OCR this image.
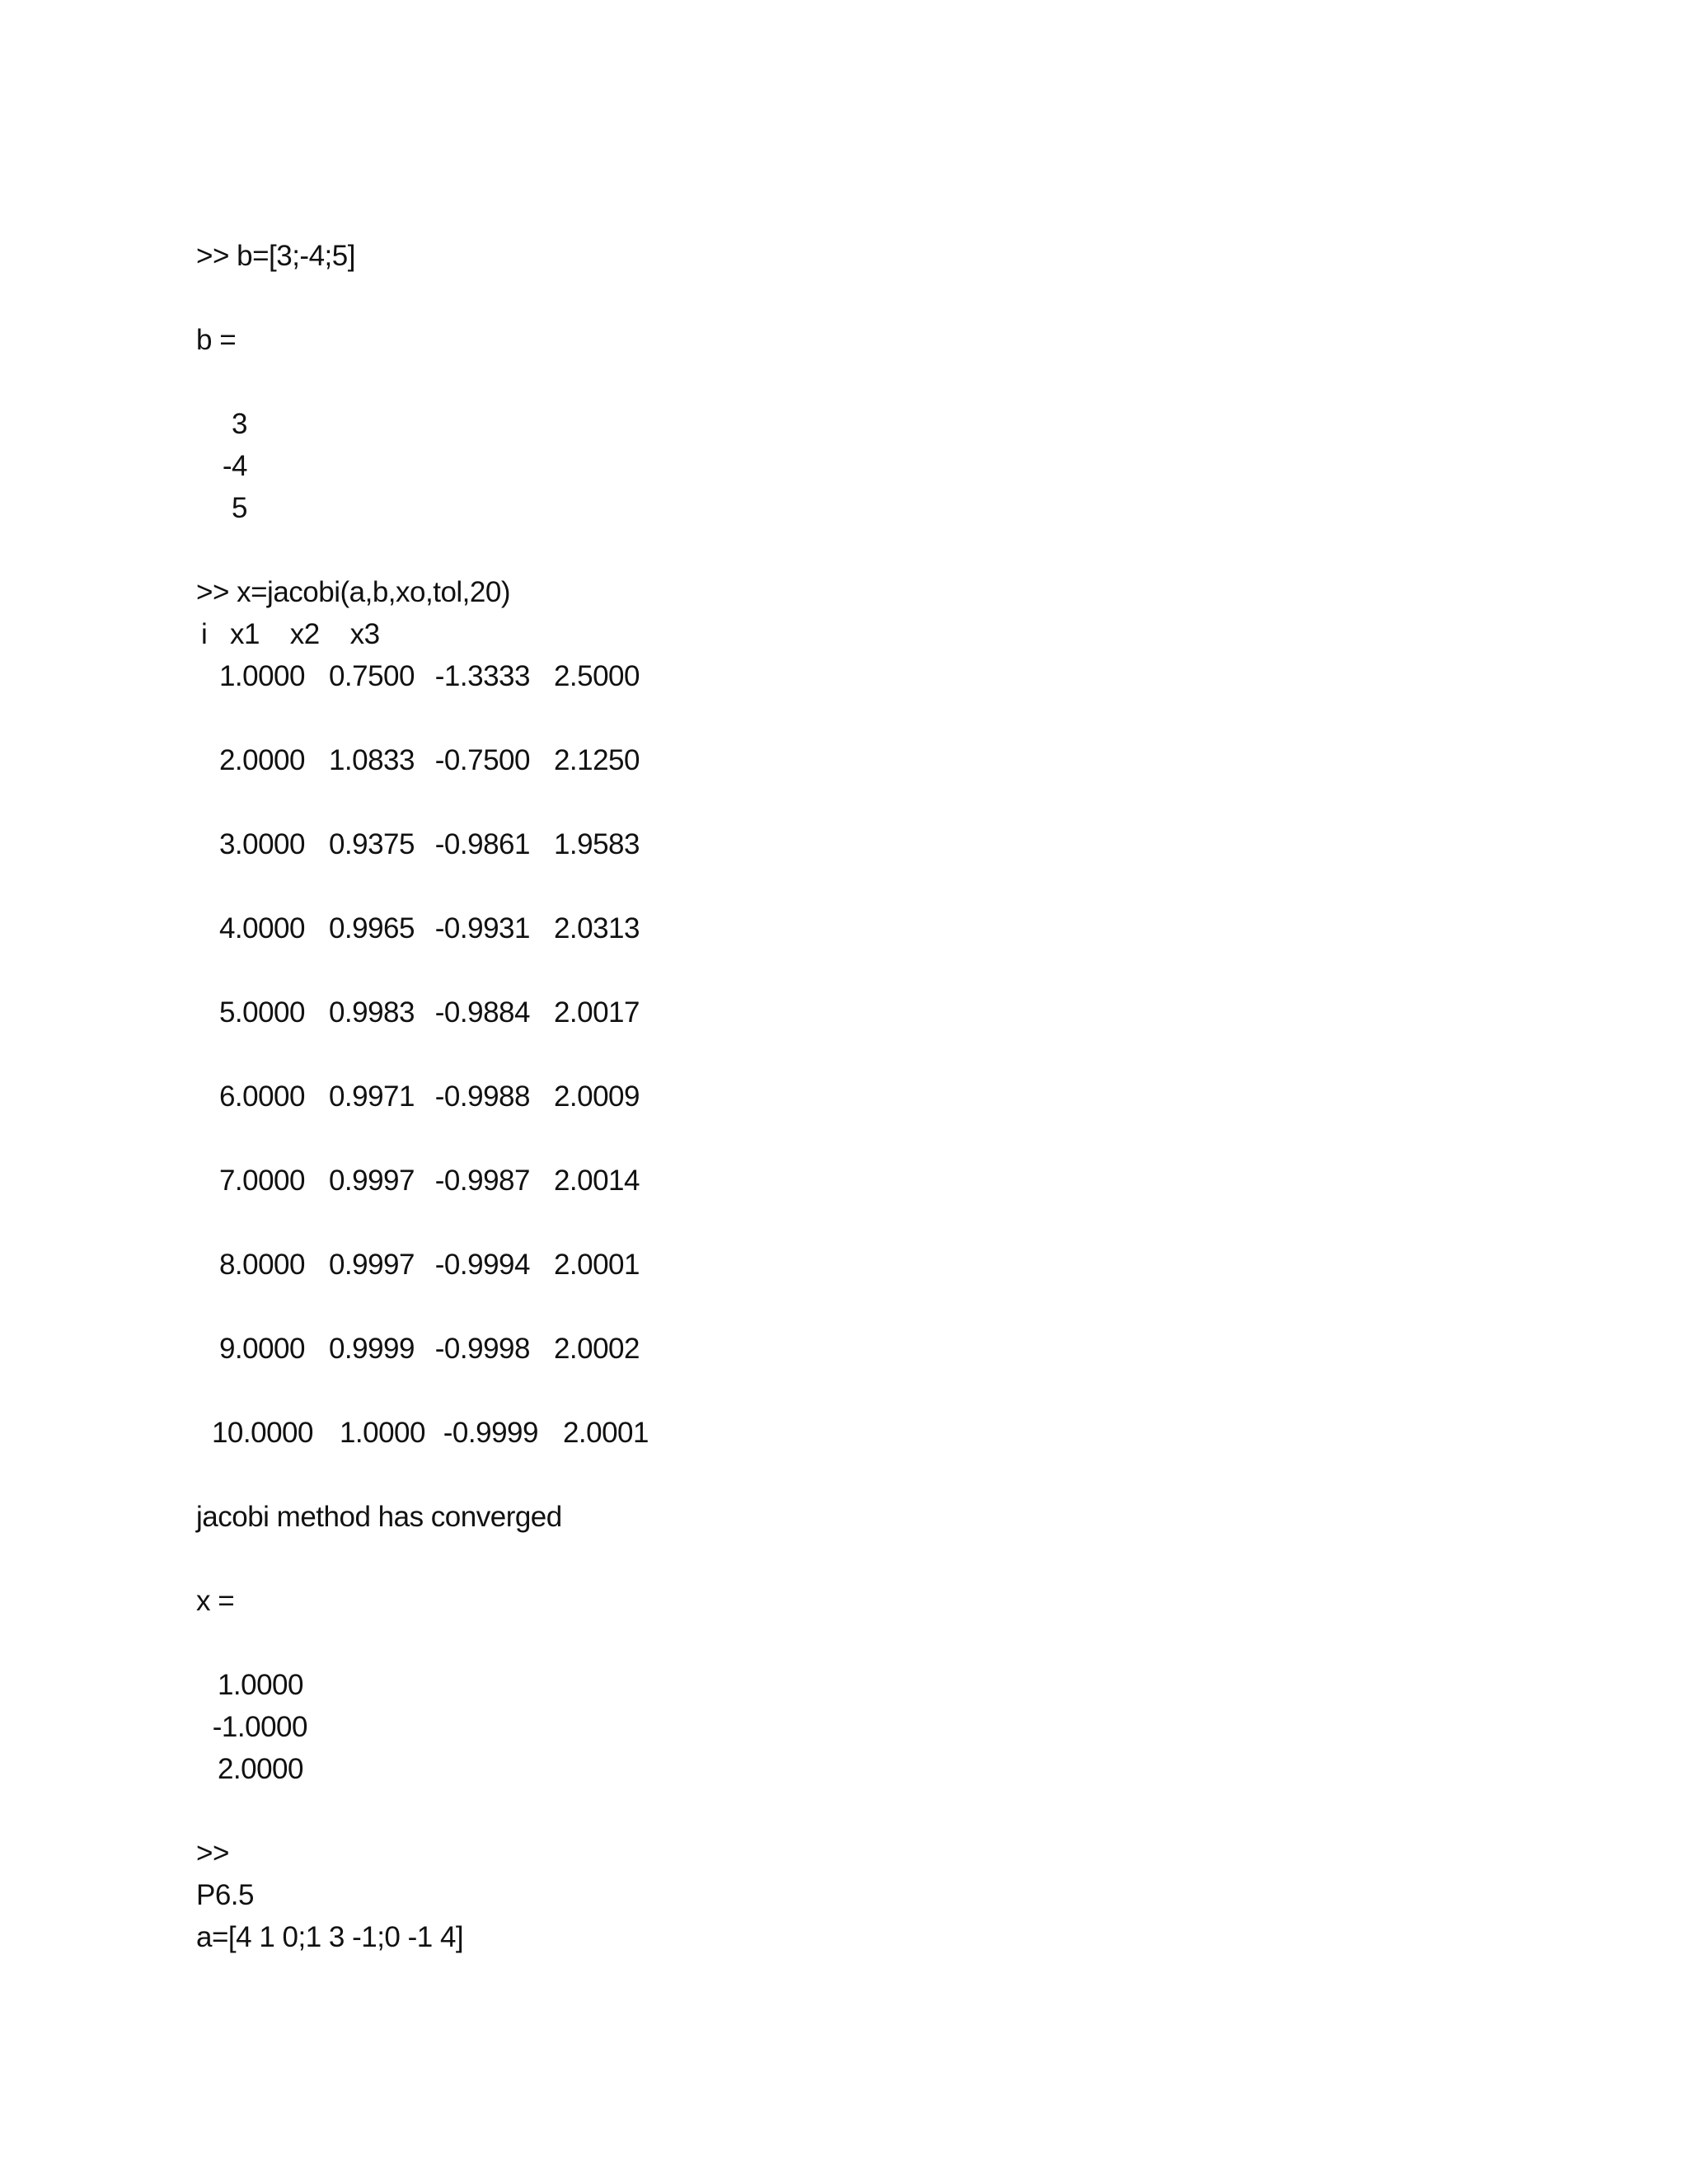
>> b=[3;-4;5]
b =
3
-4
5
>> x=jacobi(a,b,xo,tol,20)
i   x1    x2    x3
1.0000 0.7500 -1.3333 2.5000
2.0000 1.0833 -0.7500 2.1250
3.0000 0.9375 -0.9861 1.9583
4.0000 0.9965 -0.9931 2.0313
5.0000 0.9983 -0.9884 2.0017
6.0000 0.9971 -0.9988 2.0009
7.0000 0.9997 -0.9987 2.0014
8.0000 0.9997 -0.9994 2.0001
9.0000 0.9999 -0.9998 2.0002
10.0000 1.0000 -0.9999 2.0001
jacobi method has converged
x =
1.0000
-1.0000
2.0000
>>
P6.5
a=[4 1 0;1 3 -1;0 -1 4]
